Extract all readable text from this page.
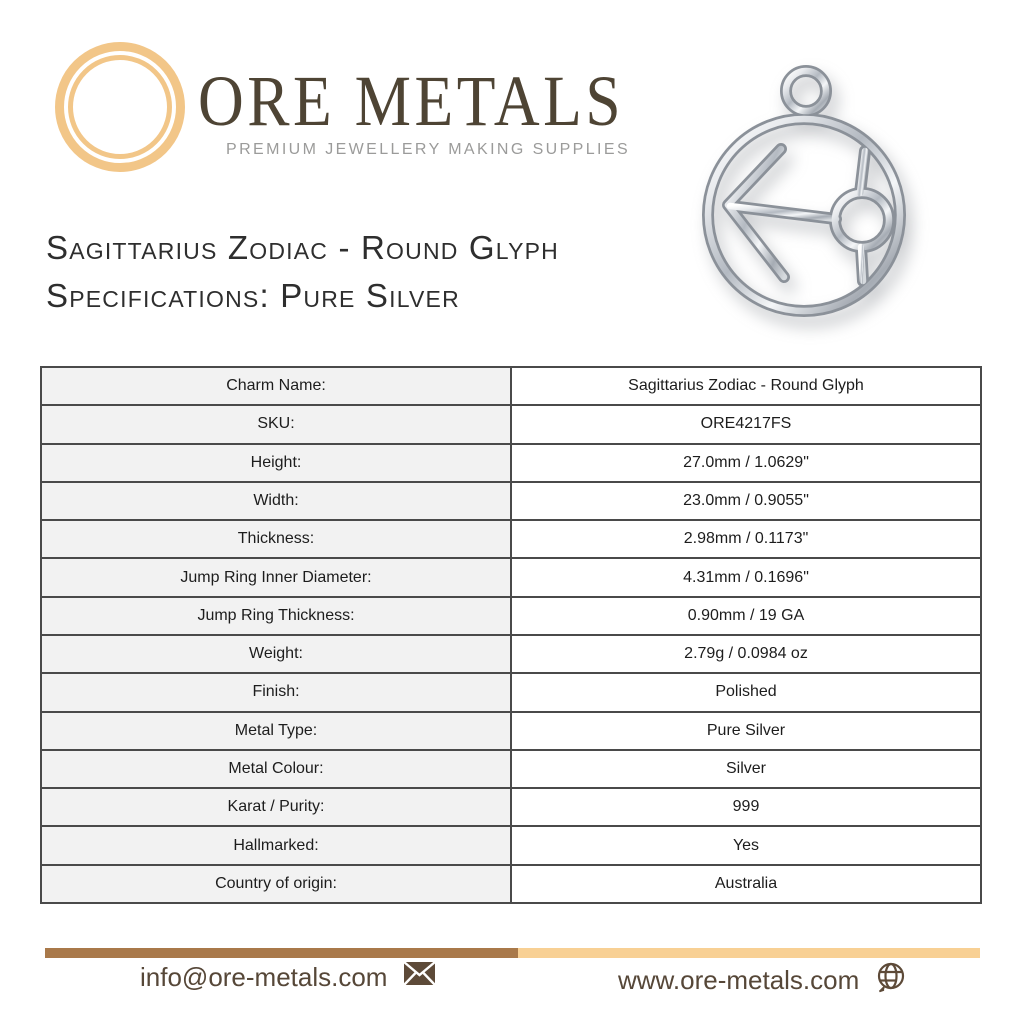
ORE METALS
PREMIUM JEWELLERY MAKING SUPPLIES
Sagittarius Zodiac - Round Glyph
Specifications: Pure Silver
Charm Name:	Sagittarius Zodiac - Round Glyph
SKU:	ORE4217FS
Height:	27.0mm / 1.0629"
Width:	23.0mm / 0.9055"
Thickness:	2.98mm / 0.1173"
Jump Ring Inner Diameter:	4.31mm / 0.1696"
Jump Ring Thickness:	0.90mm / 19 GA
Weight:	2.79g / 0.0984 oz
Finish:	Polished
Metal Type:	Pure Silver
Metal Colour:	Silver
Karat / Purity:	999
Hallmarked:	Yes
Country of origin:	Australia
info@ore-metals.com	www.ore-metals.com
